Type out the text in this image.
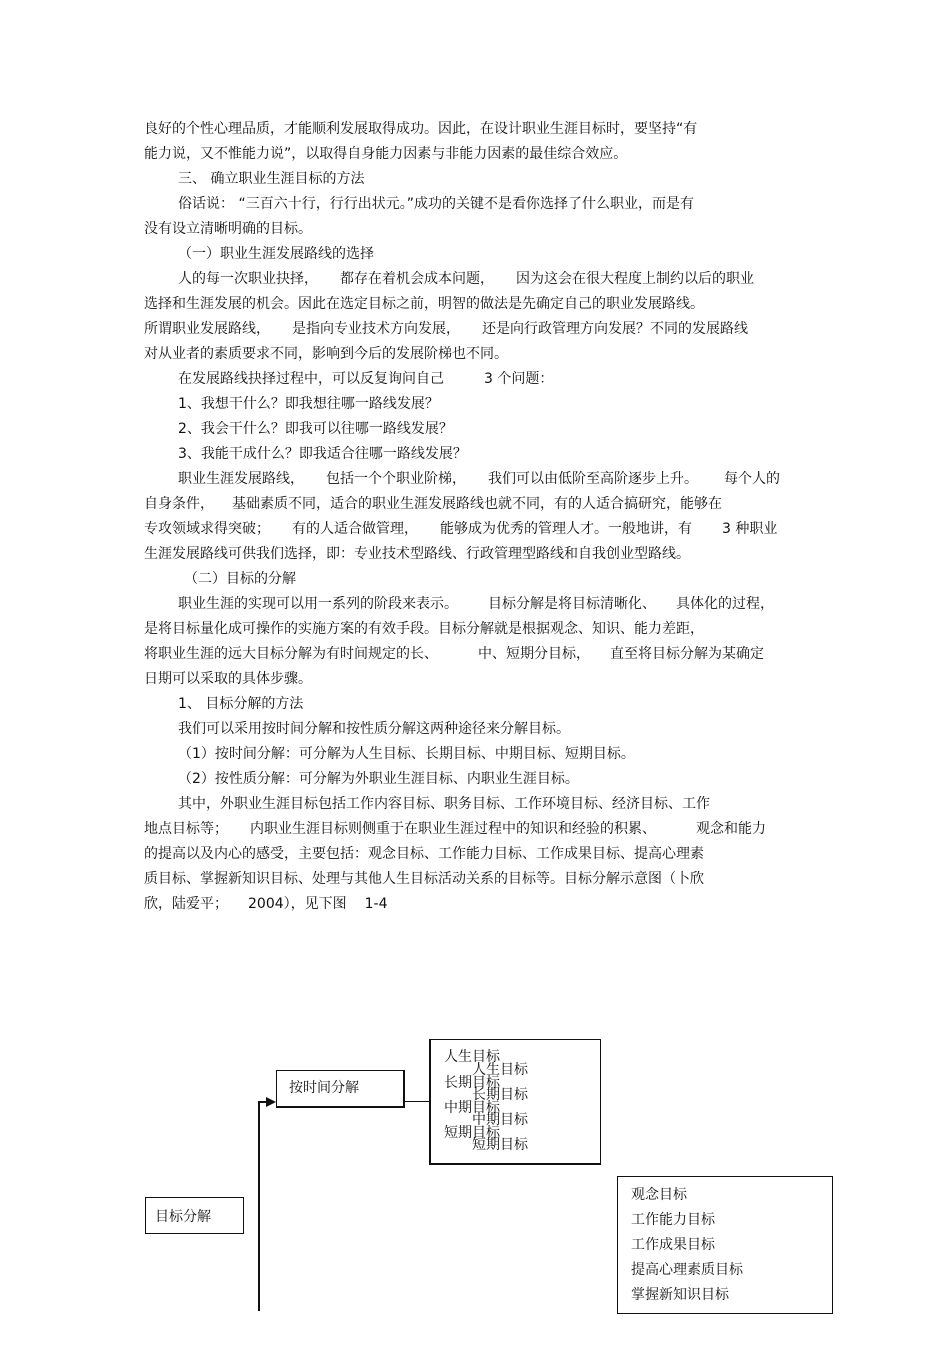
良好的个性心理品质，才能顺利发展取得成功。因此，在设计职业生涯目标时，要坚持“有
能力说，又不惟能力说”，以取得自身能力因素与非能力因素的最佳综合效应。
三、 确立职业生涯目标的方法
俗话说： “三百六十行，行行出状元。”成功的关键不是看你选择了什么职业，而是有
没有设立清晰明确的目标。
（一）职业生涯发展路线的选择
人的每一次职业抉择， 都存在着机会成本问题， 因为这会在很大程度上制约以后的职业
选择和生涯发展的机会。因此在选定目标之前，明智的做法是先确定自己的职业发展路线。
所谓职业发展路线， 是指向专业技术方向发展， 还是向行政管理方向发展？不同的发展路线
对从业者的素质要求不同，影响到今后的发展阶梯也不同。
在发展路线抉择过程中，可以反复询问自己	3 个问题：
1、我想干什么？即我想往哪一路线发展？
2、我会干什么？即我可以往哪一路线发展？
3、我能干成什么？即我适合往哪一路线发展？
职业生涯发展路线， 包括一个个职业阶梯， 我们可以由低阶至高阶逐步上升。 每个人的
自身条件， 基础素质不同，适合的职业生涯发展路线也就不同，有的人适合搞研究，能够在
专攻领域求得突破； 有的人适合做管理， 能够成为优秀的管理人才。一般地讲，有 3 种职业
生涯发展路线可供我们选择，即：专业技术型路线、行政管理型路线和自我创业型路线。
（二）目标的分解
职业生涯的实现可以用一系列的阶段来表示。 目标分解是将目标清晰化、 具体化的过程，
是将目标量化成可操作的实施方案的有效手段。目标分解就是根据观念、知识、能力差距，
将职业生涯的远大目标分解为有时间规定的长、	中、短期分目标， 直至将目标分解为某确定
日期可以采取的具体步骤。
1、 目标分解的方法
我们可以采用按时间分解和按性质分解这两种途径来分解目标。
（1）按时间分解：可分解为人生目标、长期目标、中期目标、短期目标。
（2）按性质分解：可分解为外职业生涯目标、内职业生涯目标。
其中，外职业生涯目标包括工作内容目标、职务目标、工作环境目标、经济目标、工作
地点目标等； 内职业生涯目标则侧重于在职业生涯过程中的知识和经验的积累、	观念和能力
的提高以及内心的感受，主要包括：观念目标、工作能力目标、工作成果目标、提高心理素
质目标、掌握新知识目标、处理与其他人生目标活动关系的目标等。目标分解示意图（卜欣
欣，陆爱平； 2004），见下图 1-4
目标分解
按时间分解
人生目标
人生目标
长期目标
长期目标
中期目标
中期目标
短期目标
短期目标
观念目标
工作能力目标
工作成果目标
提高心理素质目标
掌握新知识目标
